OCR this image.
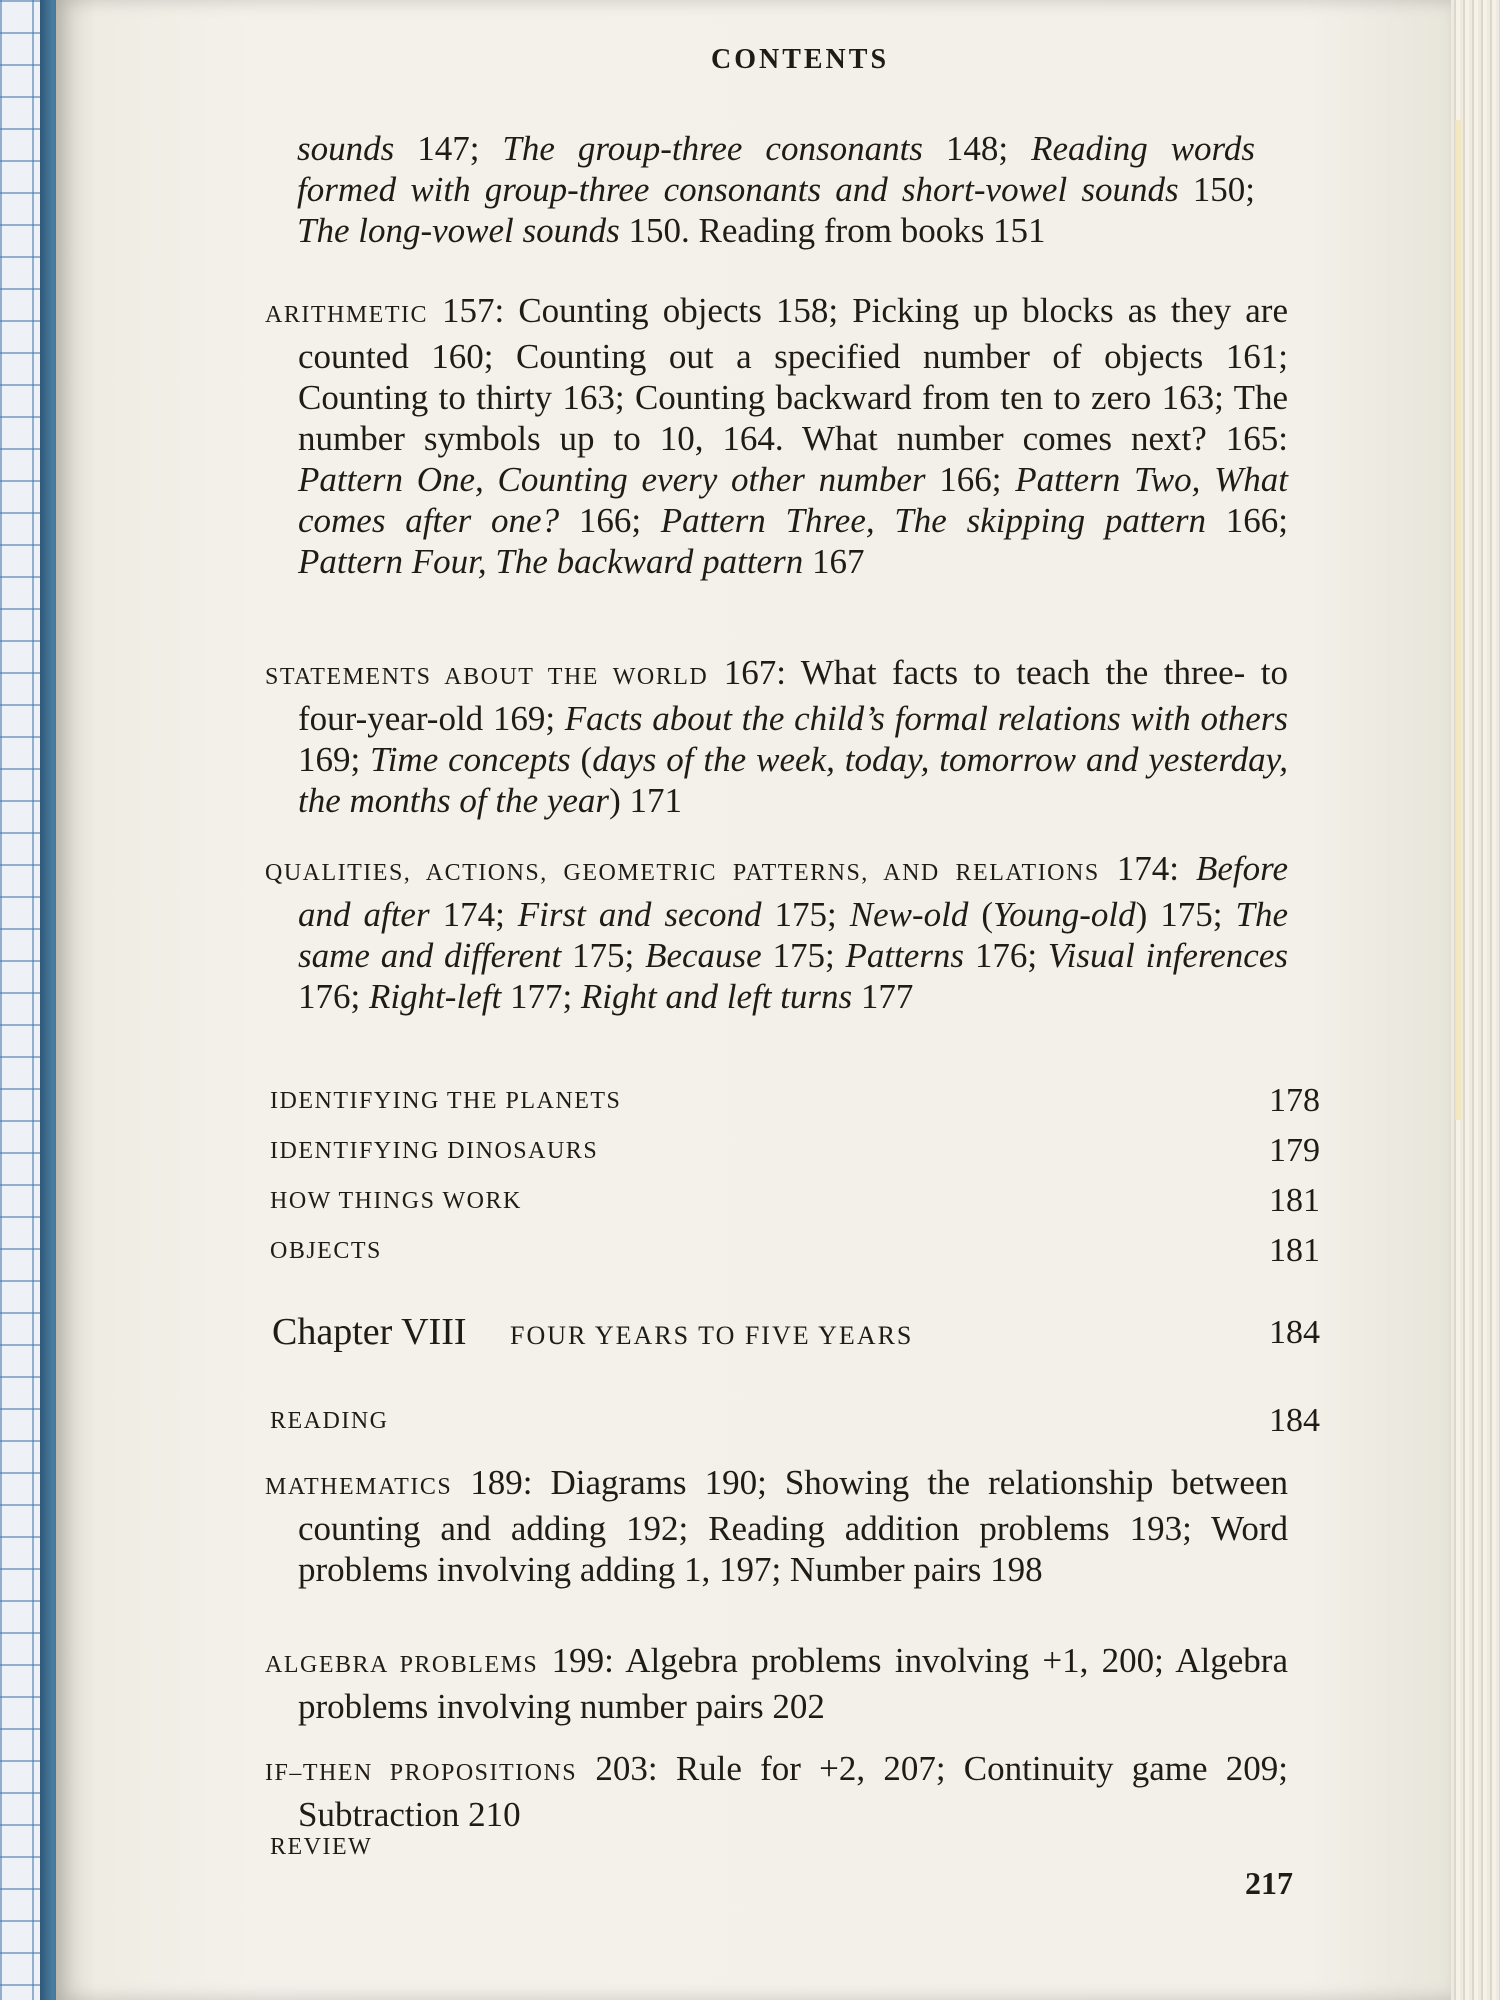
CONTENTS
sounds 147; The group-three consonants 148; Reading words formed with group-three consonants and short-vowel sounds 150; The long-vowel sounds 150. Reading from books 151
ARITHMETIC 157: Counting objects 158; Picking up blocks as they are counted 160; Counting out a specified number of objects 161; Counting to thirty 163; Counting backward from ten to zero 163; The number symbols up to 10, 164. What number comes next? 165: Pattern One, Counting every other number 166; Pattern Two, What comes after one? 166; Pattern Three, The skipping pattern 166; Pattern Four, The backward pattern 167
STATEMENTS ABOUT THE WORLD 167: What facts to teach the three- to four-year-old 169; Facts about the child’s formal relations with others 169; Time concepts (days of the week, today, tomorrow and yesterday, the months of the year) 171
QUALITIES, ACTIONS, GEOMETRIC PATTERNS, AND RELATIONS 174: Before and after 174; First and second 175; New-old (Young-old) 175; The same and different 175; Because 175; Patterns 176; Visual inferences 176; Right-left 177; Right and left turns 177
IDENTIFYING THE PLANETS	178
IDENTIFYING DINOSAURS	179
HOW THINGS WORK	181
OBJECTS	181
Chapter VIII FOUR YEARS TO FIVE YEARS	184
READING	184
MATHEMATICS 189: Diagrams 190; Showing the relationship between counting and adding 192; Reading addition problems 193; Word problems involving adding 1, 197; Number pairs 198
ALGEBRA PROBLEMS 199: Algebra problems involving +1, 200; Algebra problems involving number pairs 202
IF–THEN PROPOSITIONS 203: Rule for +2, 207; Continuity game 209; Subtraction 210
REVIEW
217
